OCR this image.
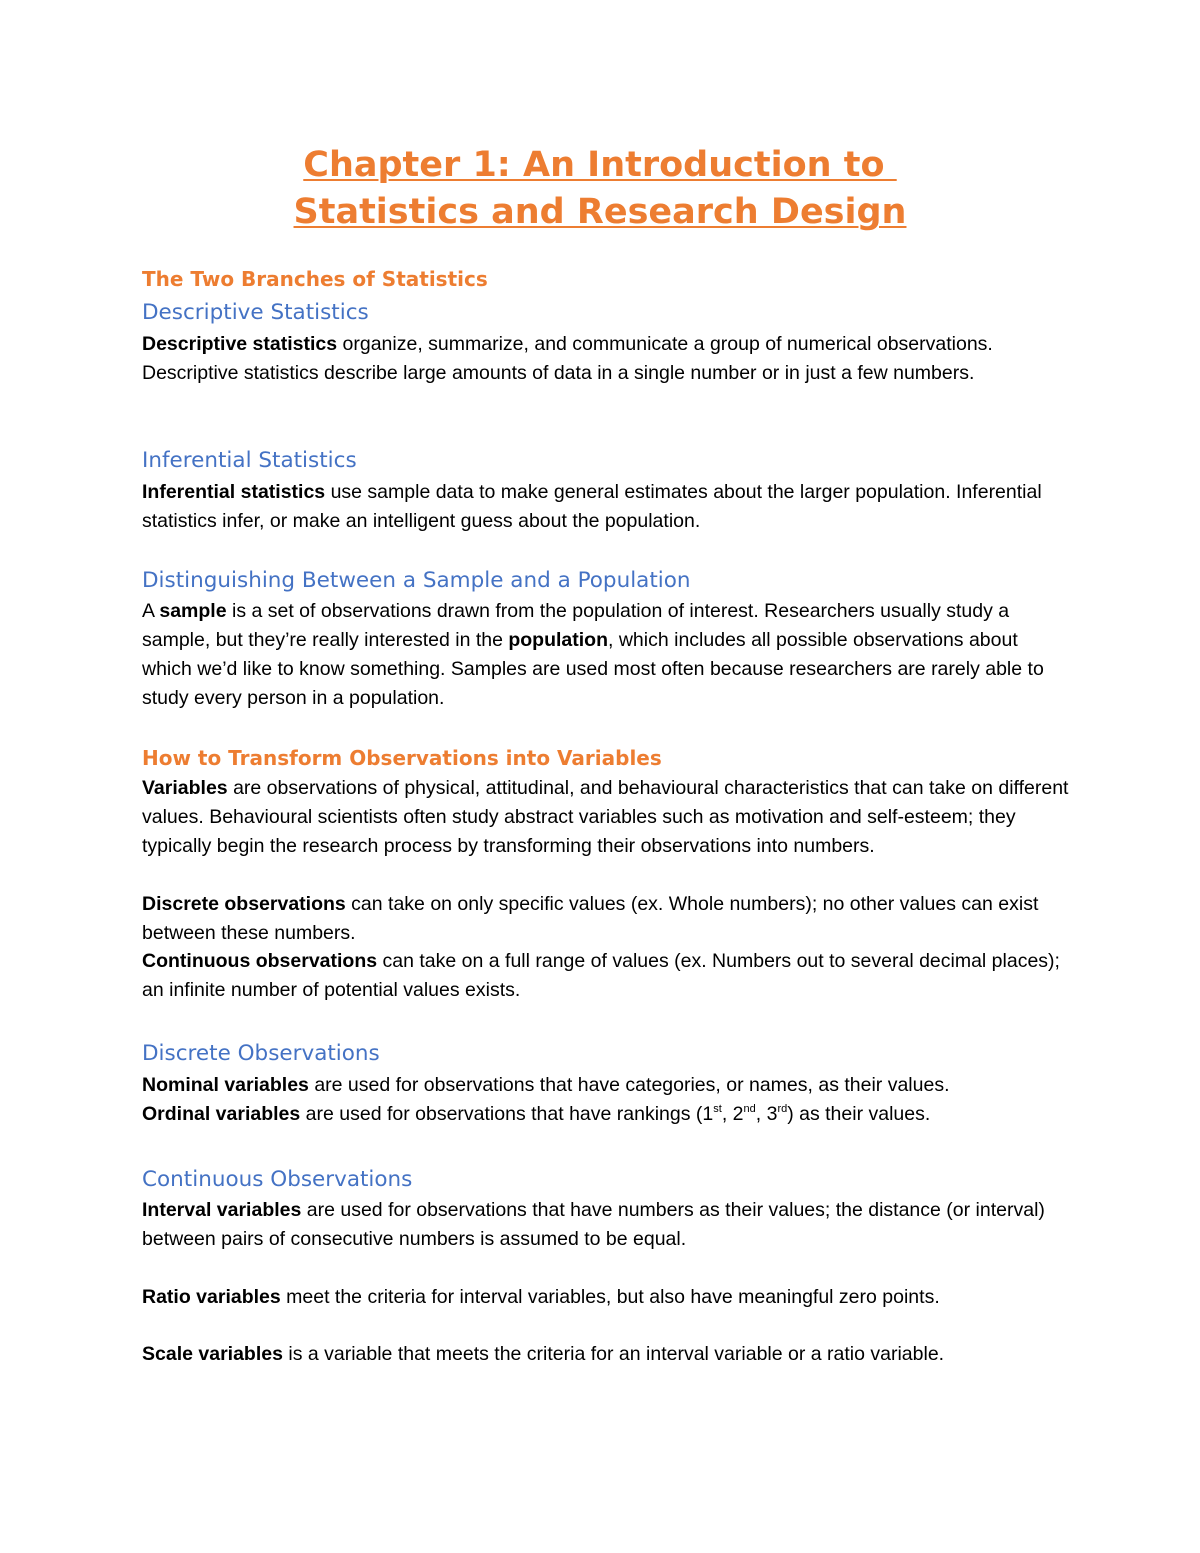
Chapter 1: An Introduction to
Statistics and Research Design
The Two Branches of Statistics
Descriptive Statistics

Descriptive statistics organize, summarize, and communicate a group of numerical observations. Descriptive statistics describe large amounts of data in a single number or in just a few numbers.

Inferential Statistics

Inferential statistics use sample data to make general estimates about the larger population. Inferential statistics infer, or make an intelligent guess about the population.

Distinguishing Between a Sample and a Population

A sample is a set of observations drawn from the population of interest. Researchers usually study a sample, but they’re really interested in the population, which includes all possible observations about which we’d like to know something. Samples are used most often because researchers are rarely able to study every person in a population.

How to Transform Observations into Variables

Variables are observations of physical, attitudinal, and behavioural characteristics that can take on different values. Behavioural scientists often study abstract variables such as motivation and self-esteem; they typically begin the research process by transforming their observations into numbers.

Discrete observations can take on only specific values (ex. Whole numbers); no other values can exist between these numbers.

Continuous observations can take on a full range of values (ex. Numbers out to several decimal places); an infinite number of potential values exists.

Discrete Observations

Nominal variables are used for observations that have categories, or names, as their values.

Ordinal variables are used for observations that have rankings (1st, 2nd, 3rd) as their values.

Continuous Observations

Interval variables are used for observations that have numbers as their values; the distance (or interval) between pairs of consecutive numbers is assumed to be equal.

Ratio variables meet the criteria for interval variables, but also have meaningful zero points.

Scale variables is a variable that meets the criteria for an interval variable or a ratio variable.
